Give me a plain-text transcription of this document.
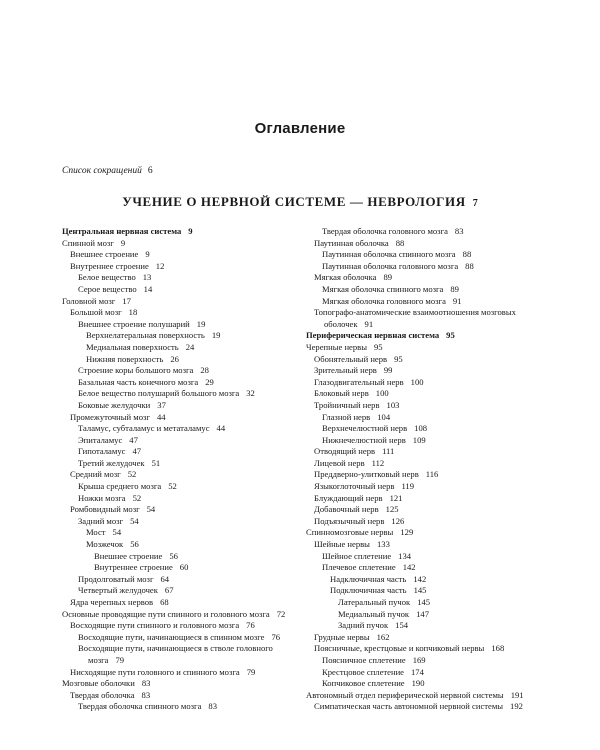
Оглавление
Список сокращений 6
УЧЕНИЕ О НЕРВНОЙ СИСТЕМЕ — НЕВРОЛОГИЯ 7
Центральная нервная система 9
Спинной мозг 9
Внешнее строение 9
Внутреннее строение 12
Белое вещество 13
Серое вещество 14
Головной мозг 17
Большой мозг 18
Внешнее строение полушарий 19
Верхнелатеральная поверхность 19
Медиальная поверхность 24
Нижняя поверхность 26
Строение коры большого мозга 28
Базальная часть конечного мозга 29
Белое вещество полушарий большого мозга 32
Боковые желудочки 37
Промежуточный мозг 44
Таламус, субталамус и метаталамус 44
Эпиталамус 47
Гипоталамус 47
Третий желудочек 51
Средний мозг 52
Крыша среднего мозга 52
Ножки мозга 52
Ромбовидный мозг 54
Задний мозг 54
Мост 54
Мозжечок 56
Внешнее строение 56
Внутреннее строение 60
Продолговатый мозг 64
Четвертый желудочек 67
Ядра черепных нервов 68
Основные проводящие пути спинного и головного мозга 72
Восходящие пути спинного и головного мозга 76
Восходящие пути, начинающиеся в спинном мозге 76
Восходящие пути, начинающиеся в стволе головного мозга 79
Нисходящие пути головного и спинного мозга 79
Мозговые оболочки 83
Твердая оболочка 83
Твердая оболочка спинного мозга 83
Твердая оболочка головного мозга 83
Паутинная оболочка 88
Паутинная оболочка спинного мозга 88
Паутинная оболочка головного мозга 88
Мягкая оболочка 89
Мягкая оболочка спинного мозга 89
Мягкая оболочка головного мозга 91
Топографо-анатомические взаимоотношения мозговых оболочек 91
Периферическая нервная система 95
Черепные нервы 95
Обонятельный нерв 95
Зрительный нерв 99
Глазодвигательный нерв 100
Блоковый нерв 100
Тройничный нерв 103
Глазной нерв 104
Верхнечелюстной нерв 108
Нижнечелюстной нерв 109
Отводящий нерв 111
Лицевой нерв 112
Преддверно-улитковый нерв 116
Языкоглоточный нерв 119
Блуждающий нерв 121
Добавочный нерв 125
Подъязычный нерв 126
Спинномозговые нервы 129
Шейные нервы 133
Шейное сплетение 134
Плечевое сплетение 142
Надключичная часть 142
Подключичная часть 145
Латеральный пучок 145
Медиальный пучок 147
Задний пучок 154
Грудные нервы 162
Поясничные, крестцовые и копчиковый нервы 168
Поясничное сплетение 169
Крестцовое сплетение 174
Копчиковое сплетение 190
Автономный отдел периферической нервной системы 191
Симпатическая часть автономной нервной системы 192
